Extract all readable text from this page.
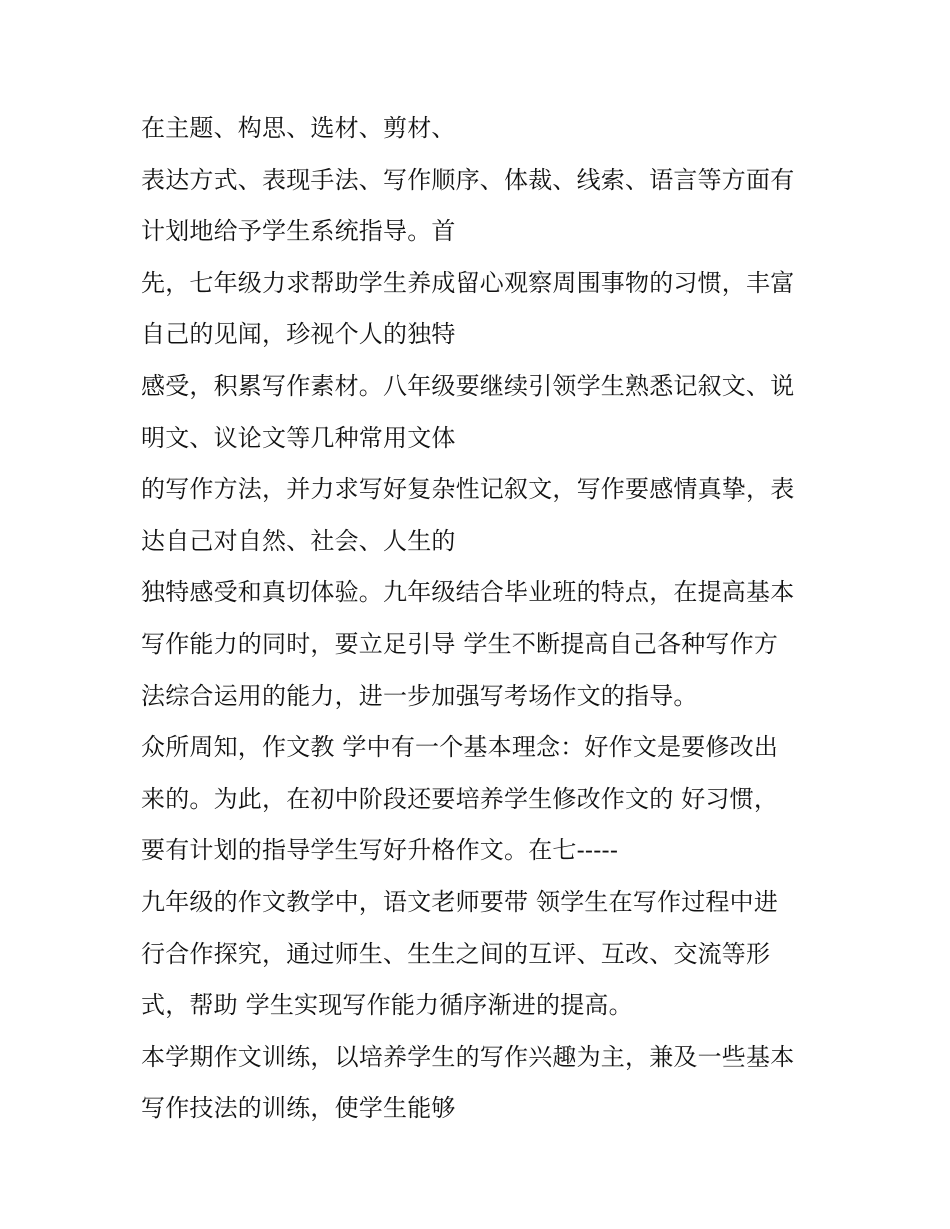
在主题、构思、选材、剪材、
表达方式、表现手法、写作顺序、体裁、线索、语言等方面有
计划地给予学生系统指导。首
先，七年级力求帮助学生养成留心观察周围事物的习惯，丰富
自己的见闻，珍视个人的独特
感受，积累写作素材。八年级要继续引领学生熟悉记叙文、说
明文、议论文等几种常用文体
的写作方法，并力求写好复杂性记叙文，写作要感情真挚，表
达自己对自然、社会、人生的
独特感受和真切体验。九年级结合毕业班的特点，在提高基本
写作能力的同时，要立足引导 学生不断提高自己各种写作方
法综合运用的能力，进一步加强写考场作文的指导。
众所周知，作文教 学中有一个基本理念：好作文是要修改出
来的。为此，在初中阶段还要培养学生修改作文的 好习惯，
要有计划的指导学生写好升格作文。在七-----
九年级的作文教学中，语文老师要带 领学生在写作过程中进
行合作探究，通过师生、生生之间的互评、互改、交流等形
式，帮助 学生实现写作能力循序渐进的提高。
本学期作文训练，以培养学生的写作兴趣为主，兼及一些基本
写作技法的训练，使学生能够
